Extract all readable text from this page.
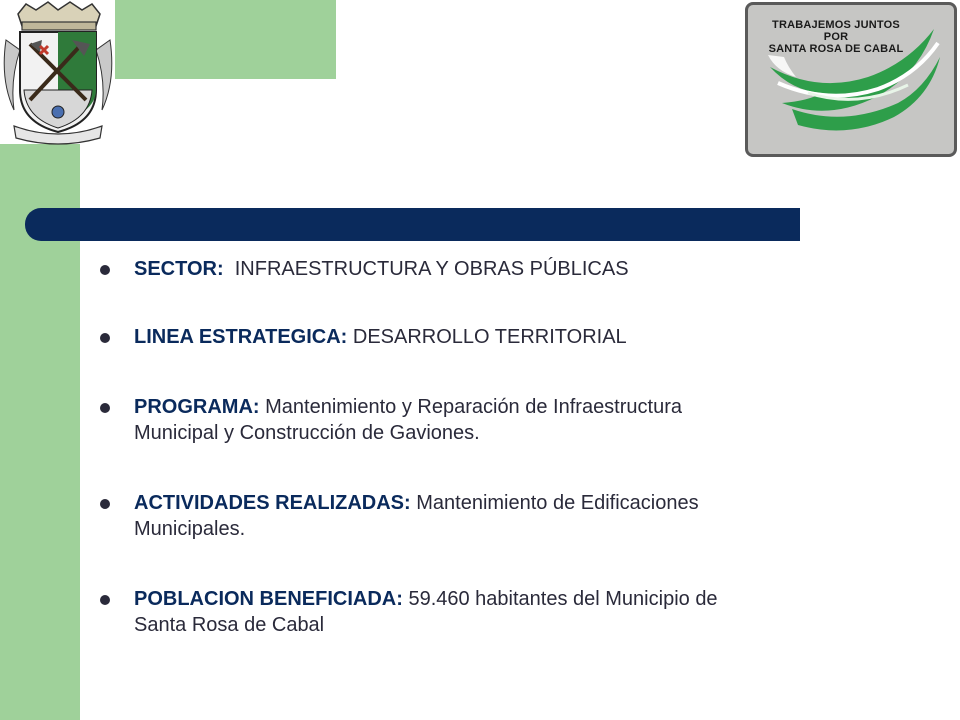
TRABAJEMOS JUNTOS POR
SANTA ROSA DE CABAL
SECTOR:  INFRAESTRUCTURA Y OBRAS PÚBLICAS
LINEA ESTRATEGICA: DESARROLLO TERRITORIAL
PROGRAMA: Mantenimiento y Reparación de Infraestructura
Municipal y Construcción de Gaviones.
ACTIVIDADES REALIZADAS: Mantenimiento de Edificaciones
Municipales.
POBLACION BENEFICIADA: 59.460 habitantes del Municipio de
Santa Rosa de Cabal
